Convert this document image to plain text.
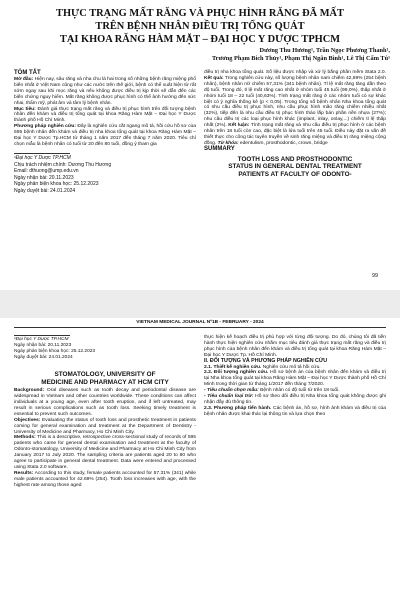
THỰC TRẠNG MẤT RĂNG VÀ PHỤC HÌNH RĂNG ĐÃ MẤT
TRÊN BỆNH NHÂN ĐIỀU TRỊ TỔNG QUÁT
TẠI KHOA RĂNG HÀM MẶT – ĐẠI HỌC Y DƯỢC TPHCM
Dương Thu Hương¹, Trần Ngọc Phương Thanh¹,
Trương Phạm Bích Thủy¹, Phạm Thị Ngân Bình¹, Lê Thị Cẩm Tú¹

TÓM TẮT

Mở đầu: Hiện nay, sâu răng và nha chu là hai trong số những bệnh răng miệng phổ biến nhất ở Việt Nam cũng như các nước trên thế giới, bệnh có thể xuất hiện từ rất sớm ngay sau khi mọc răng và nếu không được điều trị kịp thời sẽ dẫn đến các biến chứng nguy hiểm. Mất răng không được phục hình có thể ảnh hưởng đến sức nhai, thẩm mỹ, phát âm và tâm lý bệnh nhân.

Mục tiêu: Đánh giá thực trạng mất răng và điều trị phục hình trên đối tượng bệnh nhân đến khám và điều trị tổng quát tại khoa Răng Hàm Mặt – Đại học Y Dược thành phố Hồ Chí Minh.

Phương pháp nghiên cứu: Đây là nghiên cứu cắt ngang mô tả, hồi cứu hồ sơ của 595 bệnh nhân đến khám và điều trị nha khoa tổng quát tại khoa Răng Hàm Mặt – Đại học Y Dược Tp.HCM từ tháng 1 năm 2017 đến tháng 7 năm 2020. Tiêu chí chọn mẫu là bệnh nhân có tuổi từ 20 đến 80 tuổi, đồng ý tham gia

¹Đại học Y Dược TP.HCM
Chịu trách nhiệm chính: Dương Thu Hương
Email: dthuong@ump.edu.vn
Ngày nhận bài: 20.11.2023
Ngày phản biện khoa học: 25.12.2023
Ngày duyệt bài: 24.01.2024

điều trị nha khoa tổng quát. Số liệu được nhập và xử lý bằng phần mềm Stata 2.0. Kết quả: Trong nghiên cứu này, số lượng bệnh nhân nam chiếm 42,69% (254 bệnh nhân), bệnh nhân nữ chiếm 57,31% (341 bệnh nhân). Tỉ lệ mất răng tăng dần theo độ tuổi. Trong đó, tỉ lệ mất răng cao nhất ở nhóm tuổi 45 tuổi (99,0%), thấp nhất ở nhóm tuổi 18 – 22 tuổi (40,63%). Tình trạng mất răng ở các nhóm tuổi có sự khác biệt có ý nghĩa thống kê (p < 0,05). Trong tổng số bệnh nhân Nha khoa tổng quát có nhu cầu điều trị phục hình, nhu cầu phục hình mão răng chiếm nhiều nhất (32%), tiếp đến là nhu cầu điều trị phục hình tháo lắp bán phần nền nhựa (27%); nhu cầu điều trị các loại phục hình khác (implant, inlay, onlay,...) chiếm tỉ lệ thấp nhất (2%). Kết luận: Tình trạng mất răng và nhu cầu điều trị phục hình ở các bệnh nhân trên 18 tuổi còn cao, đặc biệt là lứa tuổi trên 45 tuổi. Điều này đặt ra vấn đề thiết thực cho công tác tuyên truyền về sinh răng miệng và điều trị răng miệng cộng đồng. Từ khóa: edentulism, prosthodontic, crown, bridge

SUMMARY

TOOTH LOSS AND PROSTHODONTIC
STATUS IN GENERAL DENTAL TREATMENT
PATIENTS AT FACULTY OF ODONTO-
99
VIETNAM MEDICAL JOURNAL Nº1B - FEBRUARY - 2024
¹Đại học Y Dược TP.HCM
Ngày nhận bài: 20.11.2023
Ngày phản biện khoa học: 25.12.2023
Ngày duyệt bài: 24.01.2024
STOMATOLOGY, UNIVERSITY OF
MEDICINE AND PHARMACY AT HCM CITY

Background: Oral diseases such as tooth decay and periodontal disease are widespread in Vietnam and other countries worldwide. These conditions can affect individuals at a young age, even after tooth eruption, and if left untreated, may result in serious complications such as tooth loss. Seeking timely treatment is essential to prevent such outcomes.

Objectives: Evaluating the status of tooth loss and prosthetic treatment in patients coming for general examination and treatment at the Department of Dentistry - University of Medicine and Pharmacy, Ho Chi Minh City.

Methods: This is a descriptive, retrospective cross-sectional study of records of 595 patients who came for general dental examination and treatment at the faculty of Odonto-stomatology, University of Medicine and Pharmacy at Ho Chi Minh City from January 2017 to July 2020. The sampling criteria are patients aged 20 to 80 who agree to participate in general dental treatment. Data were entered and processed using Stata 2.0 software.

Results: According to this study, female patients accounted for 57.31% (341) while male patients accounted for 42.69% (254). Tooth loss increases with age, with the highest rate among those aged

thực hiện kế hoạch điều trị phù hợp với từng đối tượng. Do đó, chúng tôi đã tiến hành thực hiện nghiên cứu nhằm mục tiêu đánh giá thực trạng mất răng và điều trị phục hình của bệnh nhân đến khám và điều trị tổng quát tại khoa Răng Hàm Mặt – Đại học Y Dược Tp. Hồ Chí Minh.

II. ĐỐI TƯỢNG VÀ PHƯƠNG PHÁP NGHIÊN CỨU

2.1. Thiết kế nghiên cứu. Nghiên cứu mô tả hồi cứu.

2.2. Đối tượng nghiên cứu. Hồ sơ bệnh án của bệnh nhân đến khám và điều trị tại Nha khoa tổng quát tại khoa Răng Hàm Mặt – Đại học Y Dược thành phố Hồ Chí Minh trong thời gian từ tháng 1/2017 đến tháng 7/2020.

- Tiêu chuẩn chọn mẫu: Bệnh nhân có độ tuổi từ trên 18 tuổi.

- Tiêu chuẩn loại trừ: Hồ sơ theo dõi điều trị Nha khoa tổng quát không được ghi nhận đầy đủ thông tin.

2.3. Phương pháp tiến hành. Các bệnh án, hồ sơ, hình ảnh khám và điều trị của bệnh nhân được khai thác lại thông tin và lựa chọn theo
